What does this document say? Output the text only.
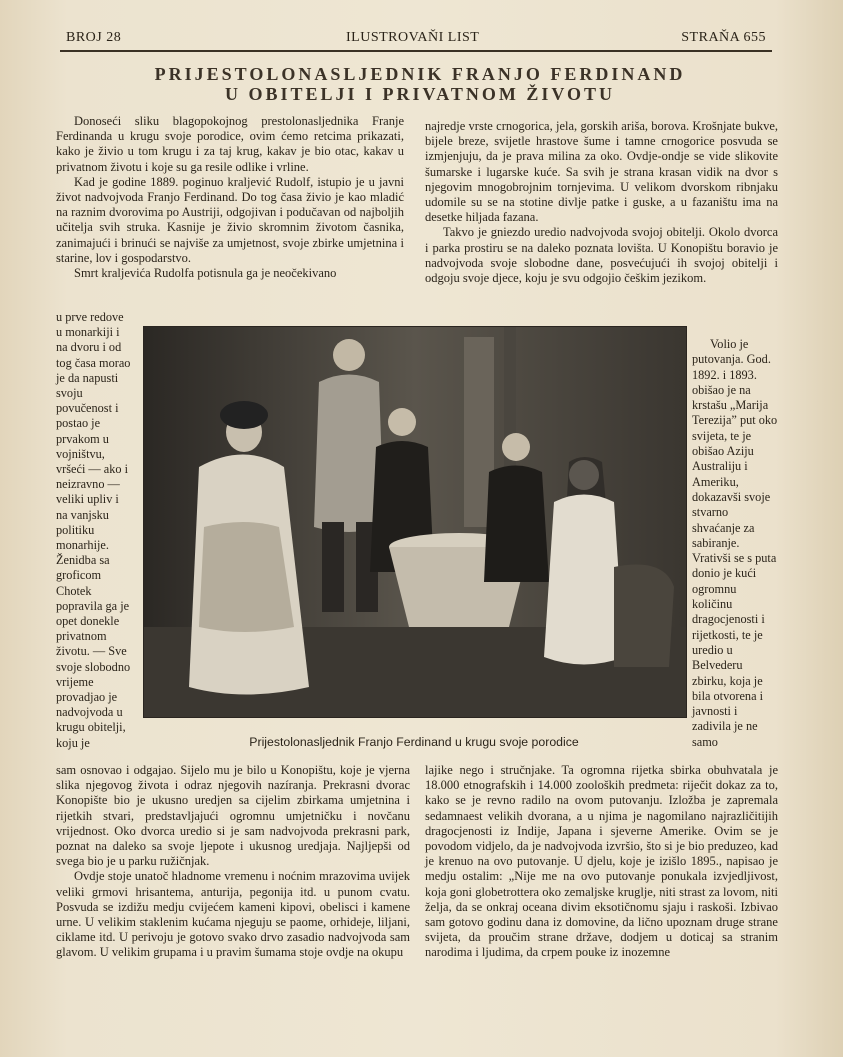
BROJ 28	ILUSTROVAŇI LIST	STRAŇA 655
PRIJESTOLONASLJEDNIK FRANJO FERDINAND
U OBITELJI I PRIVATNOM ŽIVOTU

Donoseći sliku blagopokojnog prestolonasljednika Franje Ferdinanda u krugu svoje porodice, ovim ćemo retcima prikazati, kako je živio u tom krugu i za taj krug, kakav je bio otac, kakav u privatnom životu i koje su ga resile odlike i vrline.

Kad je godine 1889. poginuo kraljević Rudolf, istupio je u javni život nadvojvoda Franjo Ferdinand. Do tog časa živio je kao mladić na raznim dvorovima po Austriji, odgojivan i podučavan od najboljih učitelja svih struka. Kasnije je živio skromnim životom časnika, zanimajući i brinući se najviše za umjetnost, svoje zbirke umjetnina i starine, lov i gospodarstvo.

Smrt kraljevića Rudolfa potisnula ga je neočekivano

najredje vrste crnogorica, jela, gorskih ariša, borova. Krošnjate bukve, bijele breze, svijetle hrastove šume i tamne crnogorice posvuda se izmjenjuju, da je prava milina za oko. Ovdje-ondje se vide slikovite šumarske i lugarske kuće. Sa svih je strana krasan vidik na dvor s njegovim mnogobrojnim tornjevima. U velikom dvorskom ribnjaku udomile su se na stotine divlje patke i guske, a u fazaništu ima na desetke hiljada fazana.

Takvo je gniezdo uredio nadvojvoda svojoj obitelji. Okolo dvorca i parka prostiru se na daleko poznata lovišta. U Konopištu boravio je nadvojvoda svoje slobodne dane, posvećujući ih svojoj obitelji i odgoju svoje djece, koju je svu odgojio češkim jezikom.

u prve redove u monarkiji i na dvoru i od tog časa morao je da napusti svoju povučenost i postao je prvakom u vojništvu, vršeći — ako i neizravno — veliki upliv i na vanjsku politiku monarhije. Ženidba sa groficom Chotek popravila ga je opet donekle privatnom životu. — Sve svoje slobodno vrijeme provadjao je nadvojvoda u krugu obitelji, koju je

Volio je putovanja. God. 1892. i 1893. obišao je na krstašu „Marija Terezija” put oko svijeta, te je obišao Aziju Australiju i Ameriku, dokazavši svoje stvarno shvaćanje za sabiranje. Vrativši se s puta donio je kući ogromnu količinu dragocjenosti i rijetkosti, te je uredio u Belvederu zbirku, koja je bila otvorena i javnosti i zadivila je ne samo

Prijestolonasljednik Franjo Ferdinand u krugu svoje porodice

sam osnovao i odgajao. Sijelo mu je bilo u Konopištu, koje je vjerna slika njegovog života i odraz njegovih nazíranja. Prekrasni dvorac Konopište bio je ukusno uredjen sa cijelim zbirkama umjetnina i rijetkih stvari, predstavljajući ogromnu umjetničku i novčanu vrijednost. Oko dvorca uredio si je sam nadvojvoda prekrasni park, poznat na daleko sa svoje ljepote i ukusnog uredjaja. Najljepši od svega bio je u parku ružičnjak.

Ovdje stoje unatoč hladnome vremenu i noćnim mrazovima uvijek veliki grmovi hrisantema, anturija, pegonija itd. u punom cvatu. Posvuda se izdižu medju cvijećem kameni kipovi, obelisci i kamene urne. U velikim staklenim kućama njeguju se paome, orhideje, liljani, ciklame itd. U perivoju je gotovo svako drvo zasadio nadvojvoda sam glavom. U velikim grupama i u pravim šumama stoje ovdje na okupu

lajike nego i stručnjake. Ta ogromna rijetka sbirka obuhvatala je 18.000 etnografskih i 14.000 zooloških predmeta: riječit dokaz za to, kako se je revno radilo na ovom putovanju. Izložba je zapremala sedamnaest velikih dvorana, a u njima je nagomilano najrazličitijih dragocjenosti iz Indije, Japana i sjeverne Amerike. Ovim se je povodom vidjelo, da je nadvojvoda izvršio, što si je bio preduzeo, kad je krenuo na ovo putovanje. U djelu, koje je izišlo 1895., napisao je medju ostalim: „Nije me na ovo putovanje ponukala izvjedljivost, koja goni globetrottera oko zemaljske kruglje, niti strast za lovom, niti želja, da se onkraj oceana divim eksotičnomu sjaju i raskoši. Izbivao sam gotovo godinu dana iz domovine, da lično upoznam druge strane svijeta, da proučim strane države, dodjem u doticaj sa stranim narodima i ljudima, da crpem pouke iz inozemne
